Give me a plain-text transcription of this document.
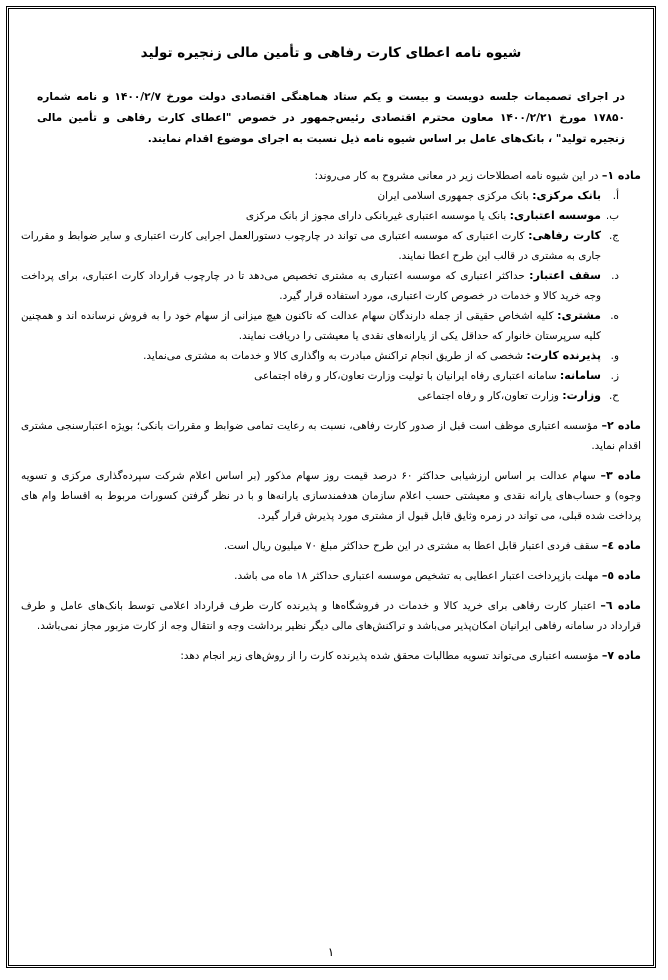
شیوه نامه اعطای کارت رفاهی و تأمین مالی زنجیره تولید
در اجرای تصمیمات جلسه دویست و بیست و یکم ستاد هماهنگی اقتصادی دولت مورخ ۱۴۰۰/۲/۷ و نامه شماره ۱۷۸۵۰ مورخ ۱۴۰۰/۲/۲۱ معاون محترم اقتصادی رئیس‌جمهور در خصوص "اعطای کارت رفاهی و تأمین مالی زنجیره تولید" ، بانک‌های عامل بر اساس شیوه نامه ذیل نسبت به اجرای موضوع اقدام نمایند.
ماده ۱– در این شیوه نامه اصطلاحات زیر در معانی مشروح به کار می‌روند:
أ.
بانک مرکزی: بانک مرکزی جمهوری اسلامی ایران
ب.
موسسه اعتباری: بانک یا موسسه اعتباری غیربانکی دارای مجوز از بانک مرکزی
ج.
کارت رفاهی: کارت اعتباری که موسسه اعتباری می تواند در چارچوب دستورالعمل اجرایی کارت اعتباری و سایر ضوابط و مقررات جاری به مشتری در قالب این طرح اعطا نمایند.
د.
سقف اعتبار: حداکثر اعتباری که موسسه اعتباری به مشتری تخصیص می‌دهد تا در چارچوب قرارداد کارت اعتباری، برای پرداخت وجه خرید کالا و خدمات در خصوص کارت اعتباری، مورد استفاده قرار گیرد.
ه.
مشتری: کلیه اشخاص حقیقی از جمله دارندگان سهام عدالت که تاکنون هیچ میزانی از سهام خود را به فروش نرسانده اند و همچنین کلیه سرپرستان خانوار که حداقل یکی از یارانه‌های نقدی یا معیشتی را دریافت نمایند.
و.
پذیرنده کارت: شخصی که از طریق انجام تراکنش مبادرت به واگذاری کالا و خدمات به مشتری می‌نماید.
ز.
سامانه: سامانه اعتباری رفاه ایرانیان با تولیت وزارت تعاون،کار و رفاه اجتماعی
ح.
وزارت: وزارت تعاون،کار و رفاه اجتماعی
ماده ۲– مؤسسه اعتباری موظف است قبل از صدور کارت رفاهی، نسبت به رعایت تمامی ضوابط و مقررات بانکی؛ بویژه اعتبارسنجی مشتری اقدام نماید.
ماده ۳– سهام عدالت بر اساس ارزشیابی حداکثر ۶۰ درصد قیمت روز سهام مذکور (بر اساس اعلام شرکت سپرده‌گذاری مرکزی و تسویه وجوه) و حساب‌های یارانه نقدی و معیشتی حسب اعلام سازمان هدفمندسازی یارانه‌ها و با در نظر گرفتن کسورات مربوط به اقساط وام های پرداخت شده قبلی، می تواند در زمره وثایق قابل قبول از مشتری مورد پذیرش قرار گیرد.
ماده ٤– سقف فردی اعتبار قابل اعطا به مشتری در این طرح حداکثر مبلغ ۷۰ میلیون ریال است.
ماده ٥– مهلت بازپرداخت اعتبار اعطایی به تشخیص موسسه اعتباری حداکثر ۱۸ ماه می باشد.
ماده ٦– اعتبار کارت رفاهی برای خرید کالا و خدمات در فروشگاه‌ها و پذیرنده کارت طرف قرارداد اعلامی توسط بانک‌های عامل و طرف قرارداد در سامانه رفاهی ایرانیان امکان‌پذیر می‌باشد و تراکنش‌های مالی دیگر نظیر برداشت وجه و انتقال وجه از کارت مزبور مجاز نمی‌باشد.
ماده ۷– مؤسسه اعتباری می‌تواند تسویه مطالبات محقق شده پذیرنده کارت را از روش‌های زیر انجام دهد:
۱
